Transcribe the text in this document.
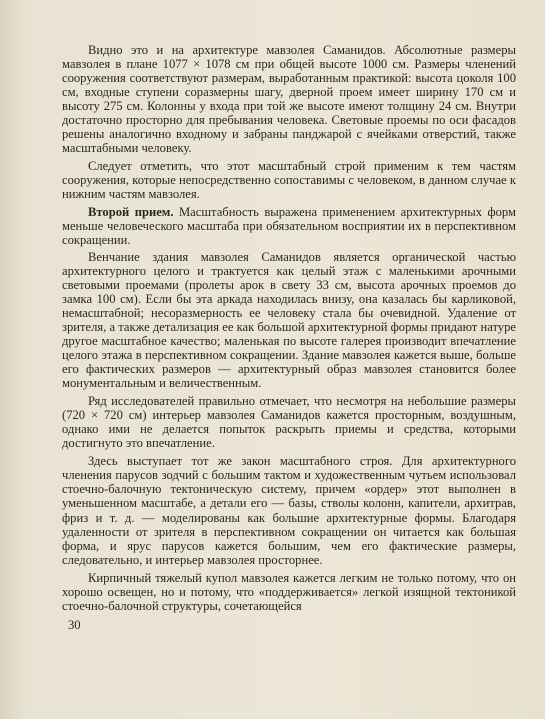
Видно это и на архитектуре мавзолея Саманидов. Абсолютные размеры мавзолея в плане 1077 × 1078 см при общей высоте 1000 см. Размеры членений сооружения соответствуют размерам, выработанным практикой: высота цоколя 100 см, входные ступени соразмерны шагу, дверной проем имеет ширину 170 см и высоту 275 см. Колонны у входа при той же высоте имеют толщину 24 см. Внутри достаточно просторно для пребывания человека. Световые проемы по оси фасадов решены аналогично входному и забраны панджарой с ячейками отверстий, также масштабными человеку.

Следует отметить, что этот масштабный строй применим к тем частям сооружения, которые непосредственно сопоставимы с человеком, в данном случае к нижним частям мавзолея.

Второй прием. Масштабность выражена применением архитектурных форм меньше человеческого масштаба при обязательном восприятии их в перспективном сокращении.

Венчание здания мавзолея Саманидов является органической частью архитектурного целого и трактуется как целый этаж с маленькими арочными световыми проемами (пролеты арок в свету 33 см, высота арочных проемов до замка 100 см). Если бы эта аркада находилась внизу, она казалась бы карликовой, немасштабной; несоразмерность ее человеку стала бы очевидной. Удаление от зрителя, а также детализация ее как большой архитектурной формы придают натуре другое масштабное качество; маленькая по высоте галерея производит впечатление целого этажа в перспективном сокращении. Здание мавзолея кажется выше, больше его фактических размеров — архитектурный образ мавзолея становится более монументальным и величественным.

Ряд исследователей правильно отмечает, что несмотря на небольшие размеры (720 × 720 см) интерьер мавзолея Саманидов кажется просторным, воздушным, однако ими не делается попыток раскрыть приемы и средства, которыми достигнуто это впечатление.

Здесь выступает тот же закон масштабного строя. Для архитектурного членения парусов зодчий с большим тактом и художественным чутьем использовал стоечно-балочную тектоническую систему, причем «ордер» этот выполнен в уменьшенном масштабе, а детали его — базы, стволы колонн, капители, архитрав, фриз и т. д. — моделированы как большие архитектурные формы. Благодаря удаленности от зрителя в перспективном сокращении он читается как большая форма, и ярус парусов кажется большим, чем его фактические размеры, следовательно, и интерьер мавзолея просторнее.

Кирпичный тяжелый купол мавзолея кажется легким не только потому, что он хорошо освещен, но и потому, что «поддерживается» легкой изящной тектоникой стоечно-балочной структуры, сочетающейся

30
